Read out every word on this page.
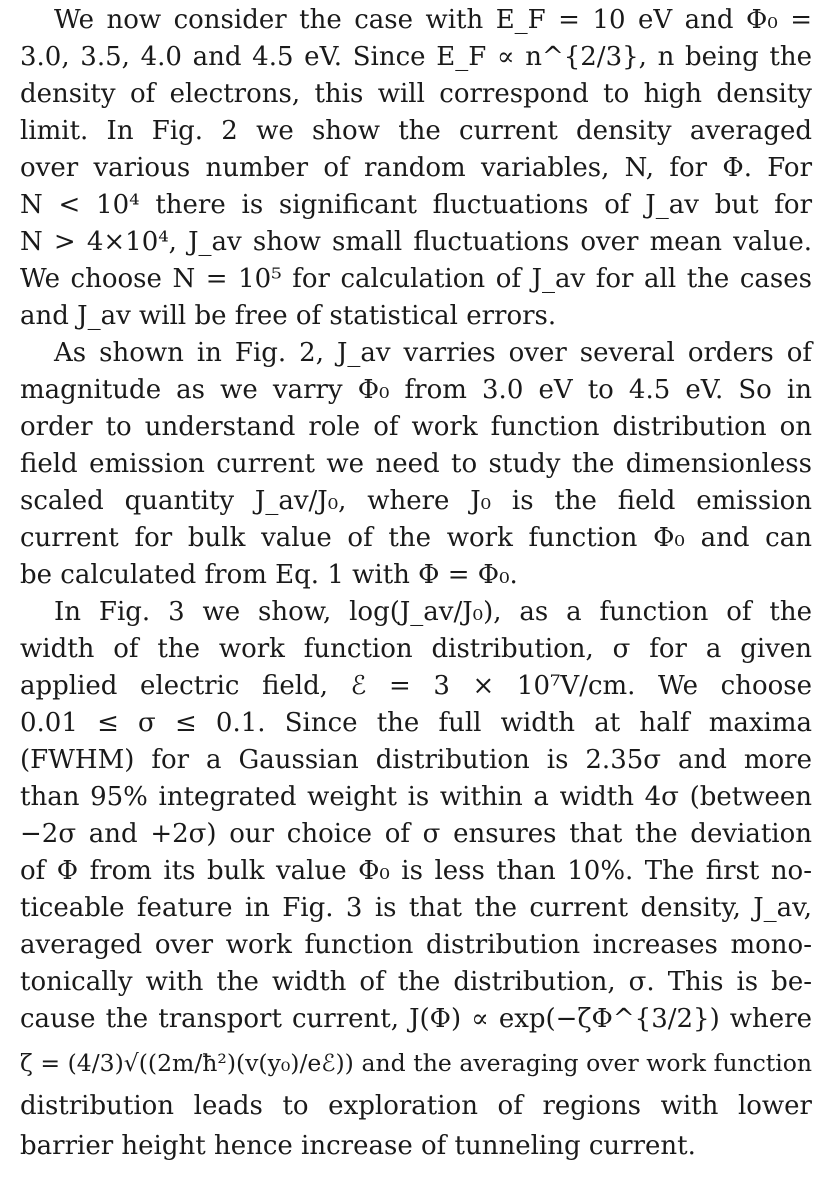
We now consider the case with E_F = 10 eV and Φ₀ =
3.0, 3.5, 4.0 and 4.5 eV. Since E_F ∝ n^{2/3}, n being the
density of electrons, this will correspond to high density
limit. In Fig. 2 we show the current density averaged
over various number of random variables, N, for Φ. For
N < 10⁴ there is significant fluctuations of J_av but for
N > 4×10⁴, J_av show small fluctuations over mean value.
We choose N = 10⁵ for calculation of J_av for all the cases
and J_av will be free of statistical errors.
As shown in Fig. 2, J_av varries over several orders of
magnitude as we varry Φ₀ from 3.0 eV to 4.5 eV. So in
order to understand role of work function distribution on
field emission current we need to study the dimensionless
scaled quantity J_av/J₀, where J₀ is the field emission
current for bulk value of the work function Φ₀ and can
be calculated from Eq. 1 with Φ = Φ₀.
In Fig. 3 we show, log(J_av/J₀), as a function of the
width of the work function distribution, σ for a given
applied electric field, ℰ = 3 × 10⁷V/cm. We choose
0.01 ≤ σ ≤ 0.1. Since the full width at half maxima
(FWHM) for a Gaussian distribution is 2.35σ and more
than 95% integrated weight is within a width 4σ (between
−2σ and +2σ) our choice of σ ensures that the deviation
of Φ from its bulk value Φ₀ is less than 10%. The first no-
ticeable feature in Fig. 3 is that the current density, J_av,
averaged over work function distribution increases mono-
tonically with the width of the distribution, σ. This is be-
cause the transport current, J(Φ) ∝ exp(−ζΦ^{3/2}) where
ζ = (4/3)√((2m/ħ²)(v(y₀)/eℰ)) and the averaging over work function
distribution leads to exploration of regions with lower
barrier height hence increase of tunneling current.
